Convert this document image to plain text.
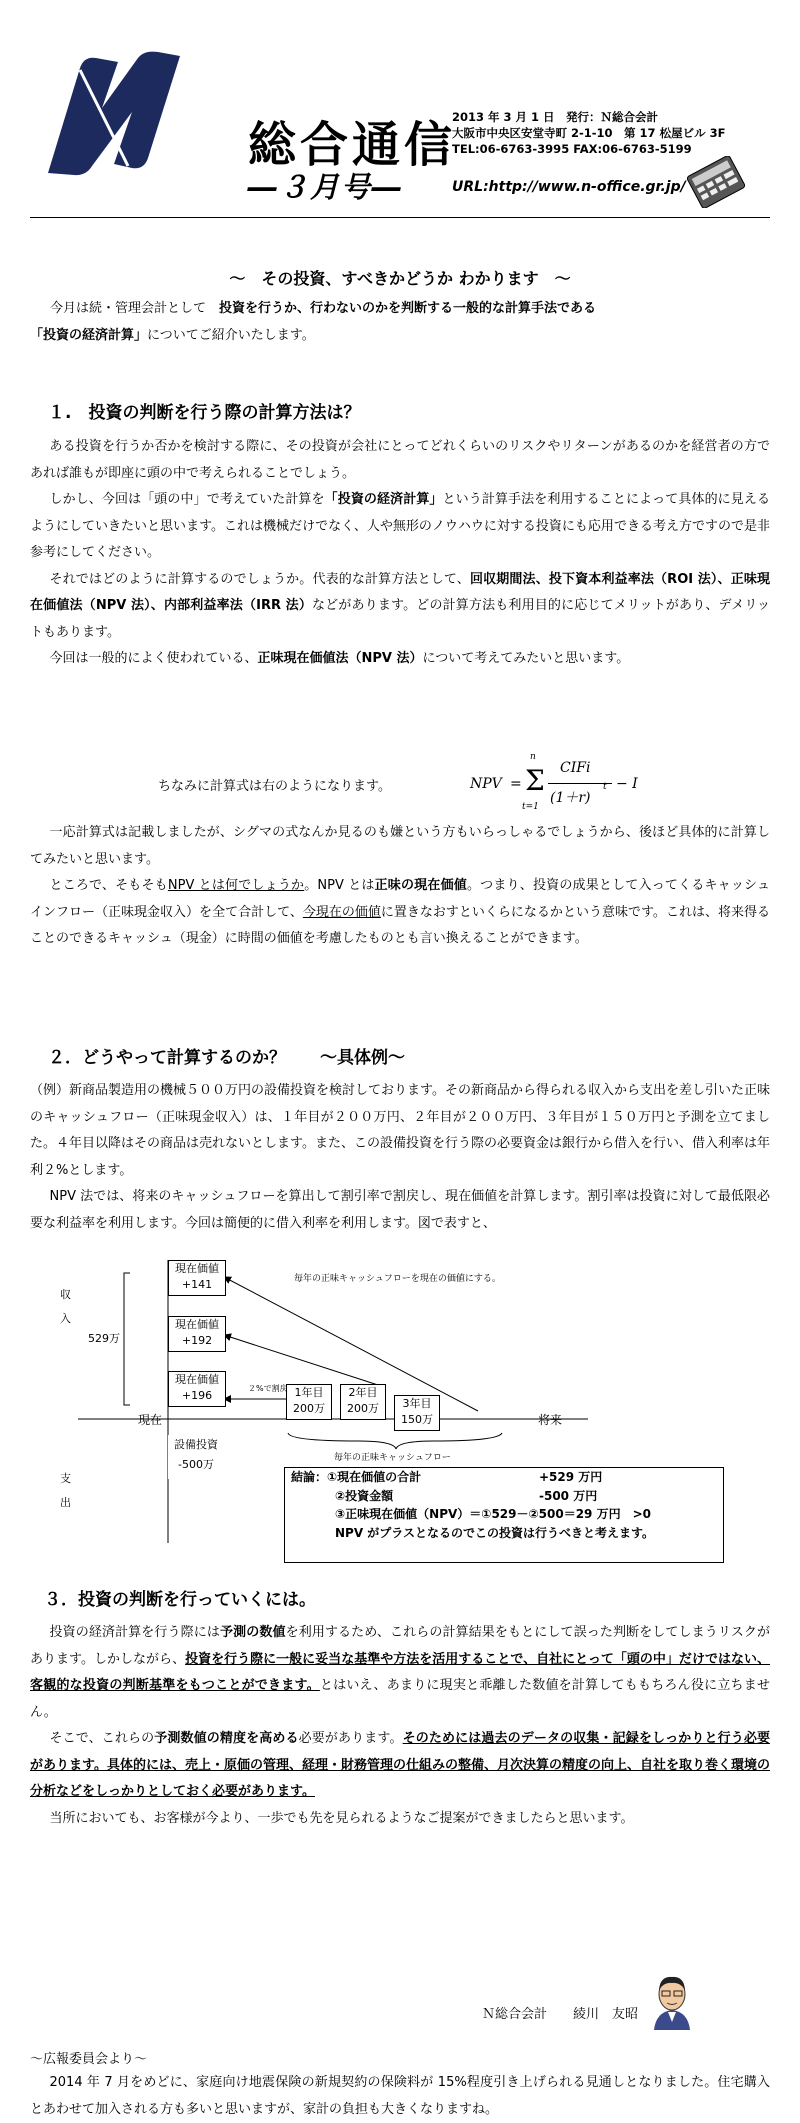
総合通信
―３月号―
2013 年 3 月 1 日　発行：Ｎ総合会計
大阪市中央区安堂寺町 2-1-10　第 17 松屋ビル 3F
TEL:06-6763-3995 FAX:06-6763-5199
URL:http://www.n-office.gr.jp/
～　その投資、すべきかどうか わかります　～
今月は続・管理会計として　投資を行うか、行わないのかを判断する一般的な計算手法である
「投資の経済計算」についてご紹介いたします。
１.　投資の判断を行う際の計算方法は？
ある投資を行うか否かを検討する際に、その投資が会社にとってどれくらいのリスクやリターンがあるのかを経営者の方であれば誰もが即座に頭の中で考えられることでしょう。
しかし、今回は「頭の中」で考えていた計算を「投資の経済計算」という計算手法を利用することによって具体的に見えるようにしていきたいと思います。これは機械だけでなく、人や無形のノウハウに対する投資にも応用できる考え方ですので是非参考にしてください。
それではどのように計算するのでしょうか。代表的な計算方法として、回収期間法、投下資本利益率法（ROI 法）、正味現在価値法（NPV 法）、内部利益率法（IRR 法）などがあります。どの計算方法も利用目的に応じてメリットがあり、デメリットもあります。
今回は一般的によく使われている、正味現在価値法（NPV 法）について考えてみたいと思います。
ちなみに計算式は右のようになります。	NPV =
n
Σ
t=1
CIFi
(1＋r)
t − I
一応計算式は記載しましたが、シグマの式なんか見るのも嫌という方もいらっしゃるでしょうから、後ほど具体的に計算してみたいと思います。
ところで、そもそもNPV とは何でしょうか。NPV とは正味の現在価値。つまり、投資の成果として入ってくるキャッシュインフロー（正味現金収入）を全て合計して、今現在の価値に置きなおすといくらになるかという意味です。これは、将来得ることのできるキャッシュ（現金）に時間の価値を考慮したものとも言い換えることができます。
２．どうやって計算するのか？　　～具体例～
（例）新商品製造用の機械５００万円の設備投資を検討しております。その新商品から得られる収入から支出を差し引いた正味のキャッシュフロー（正味現金収入）は、１年目が２００万円、２年目が２００万円、３年目が１５０万円と予測を立てました。４年目以降はその商品は売れないとします。また、この設備投資を行う際の必要資金は銀行から借入を行い、借入利率は年利２%とします。
NPV 法では、将来のキャッシュフローを算出して割引率で割戻し、現在価値を計算します。割引率は投資に対して最低限必要な利益率を利用します。今回は簡便的に借入利率を利用します。図で表すと、
収

入
支

出
529万
現在価値
+141
現在価値
+192
現在価値
+196
設備投資
-500万
1年目
200万
2年目
200万	3年目
150万
現在	将来
２%で割戻
毎年の正味キャッシュフローを現在の価値にする。
毎年の正味キャッシュフロー
結論：①現在価値の合計	+529 万円
②投資金額	-500 万円
③正味現在価値（NPV）＝①529－②500＝29 万円　>0
NPV がプラスとなるのでこの投資は行うべきと考えます。
３．投資の判断を行っていくには。
投資の経済計算を行う際には予測の数値を利用するため、これらの計算結果をもとにして誤った判断をしてしまうリスクがあります。しかしながら、投資を行う際に一般に妥当な基準や方法を活用することで、自社にとって「頭の中」だけではない、客観的な投資の判断基準をもつことができます。とはいえ、あまりに現実と乖離した数値を計算してももちろん役に立ちません。
そこで、これらの予測数値の精度を高める必要があります。そのためには過去のデータの収集・記録をしっかりと行う必要があります。具体的には、売上・原価の管理、経理・財務管理の仕組みの整備、月次決算の精度の向上、自社を取り巻く環境の分析などをしっかりとしておく必要があります。
当所においても、お客様が今より、一歩でも先を見られるようなご提案ができましたらと思います。
Ｎ総合会計　　綾川　友昭
～広報委員会より～
2014 年 7 月をめどに、家庭向け地震保険の新規契約の保険料が 15%程度引き上げられる見通しとなりました。住宅購入とあわせて加入される方も多いと思いますが、家計の負担も大きくなりますね。
